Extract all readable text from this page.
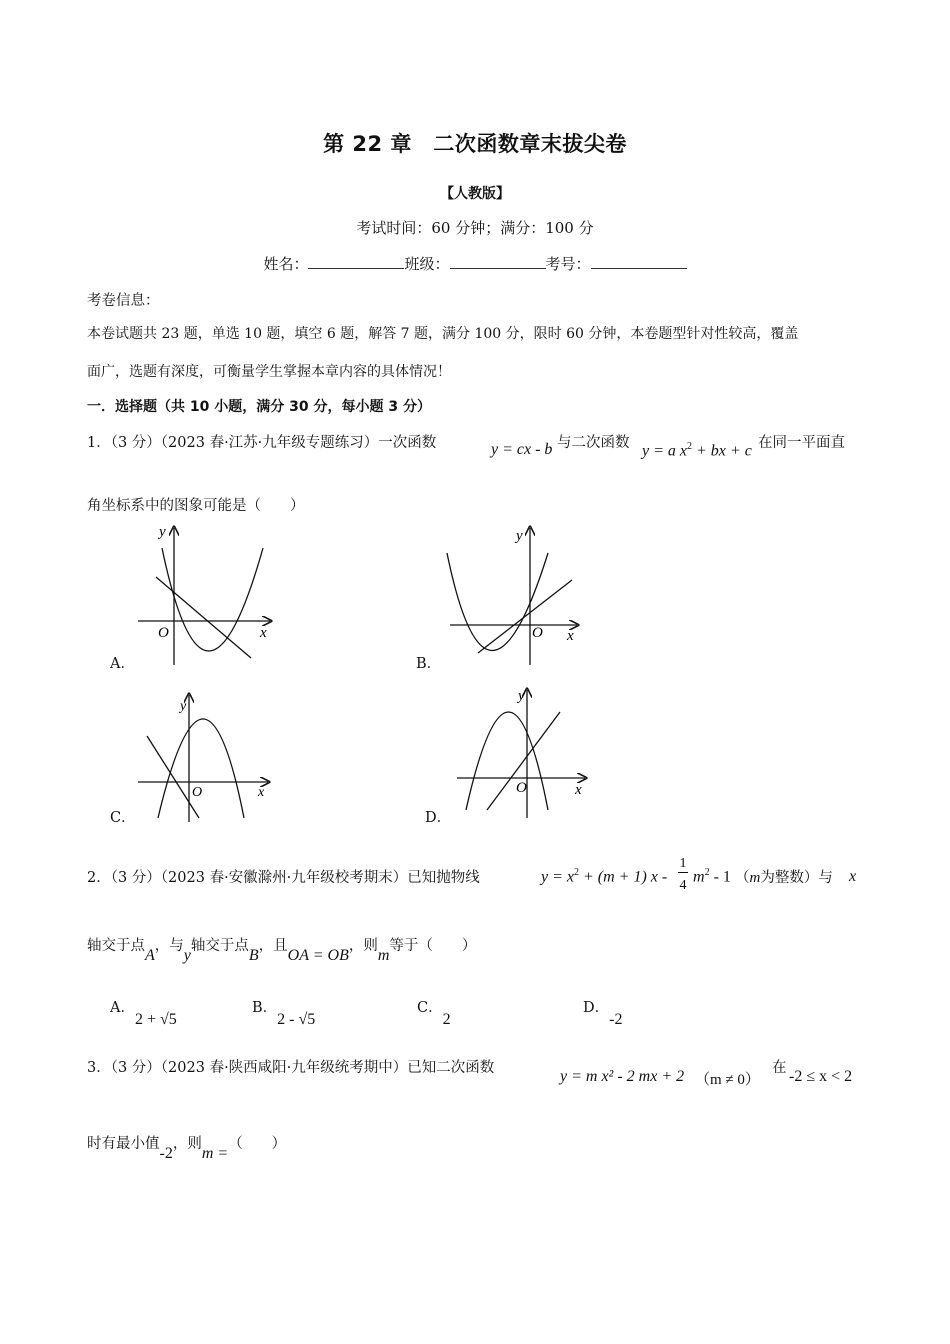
第 22 章　二次函数章末拔尖卷
【人教版】
考试时间：60 分钟；满分：100 分
姓名：	班级：	考号：
考卷信息：
本卷试题共 23 题，单选 10 题，填空 6 题，解答 7 题，满分 100 分，限时 60 分钟，本卷题型针对性较高，覆盖
面广，选题有深度，可衡量学生掌握本章内容的具体情况！
一．选择题（共 10 小题，满分 30 分，每小题 3 分）
1．（3 分）（2023 春·江苏·九年级专题练习）一次函数	y = cx - b 与二次函数 y = a $x^2$ + bx + c 在同一平面直
角坐标系中的图象可能是（　　）
A．	B．
C．	D．
y
x
O
y
x
O
y
x
O
y
x
O
2．（3 分）（2023 春·安徽滁州·九年级校考期末）已知抛物线	$y = x^2 + (m + 1)$ x -
1
4
$m^2 - 1$ （m为整数）与 x
轴交于点A，与y轴交于点B，且OA = OB，则m等于（　　）
A．2 + √5
B．2 - √5
C．2
D．-2
3．（3 分）（2023 春·陕西咸阳·九年级统考期中）已知二次函数	y = m x² - 2 mx + 2 （m ≠ 0）
在 -2 ≤ x < 2
时有最小值-2，则m =（　　）
